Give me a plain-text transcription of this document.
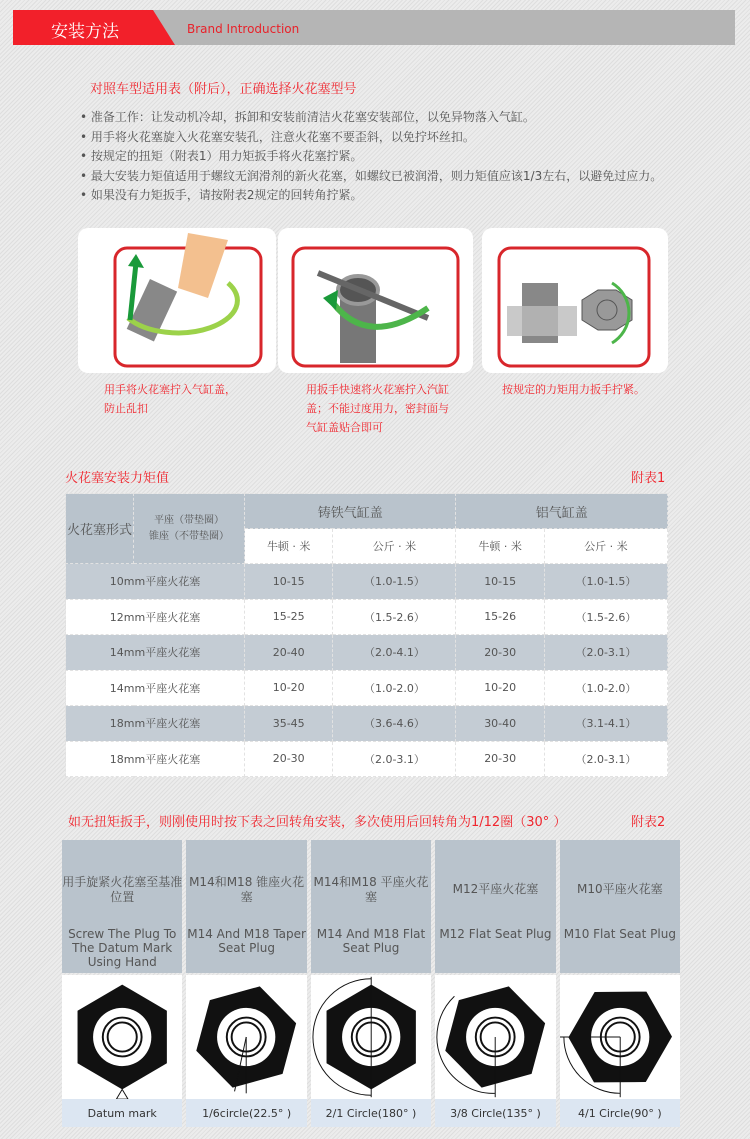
安装方法	Brand Introduction
对照车型适用表（附后），正确选择火花塞型号
• 准备工作：让发动机冷却，拆卸和安装前清洁火花塞安装部位，以免异物落入气缸。
• 用手将火花塞旋入火花塞安装孔，注意火花塞不要歪斜，以免拧坏丝扣。
• 按规定的扭矩（附表1）用力矩扳手将火花塞拧紧。
• 最大安装力矩值适用于螺纹无润滑剂的新火花塞，如螺纹已被润滑，则力矩值应该1/3左右，以避免过应力。
• 如果没有力矩扳手，请按附表2规定的回转角拧紧。
用手将火花塞拧入气缸盖，防止乱扣
用扳手快速将火花塞拧入汽缸盖；不能过度用力，密封面与气缸盖贴合即可
按规定的力矩用力扳手拧紧。
火花塞安装力矩值	附表1
火花塞形式	平座（带垫圈）
锥座（不带垫圈）	铸铁气缸盖		铝气缸盖	
		牛顿 · 米	公斤 · 米	牛顿 · 米	公斤 · 米
10mm平座火花塞		10-15	（1.0-1.5）	10-15	（1.0-1.5）
12mm平座火花塞		15-25	（1.5-2.6）	15-26	（1.5-2.6）
14mm平座火花塞		20-40	（2.0-4.1）	20-30	（2.0-3.1）
14mm平座火花塞		10-20	（1.0-2.0）	10-20	（1.0-2.0）
18mm平座火花塞		35-45	（3.6-4.6）	30-40	（3.1-4.1）
18mm平座火花塞		20-30	（2.0-3.1）	20-30	（2.0-3.1）
如无扭矩扳手，则刚使用时按下表之回转角安装，多次使用后回转角为1/12圈（30° ）	附表2
用手旋紧火花塞至基准位置
Screw The Plug To The Datum Mark Using Hand
Datum mark
M14和M18 锥座火花塞
M14 And M18 Taper Seat Plug
1/6circle(22.5° )
M14和M18 平座火花塞
M14 And M18 Flat Seat Plug
2/1 Circle(180° )
M12平座火花塞
M12 Flat Seat Plug
3/8 Circle(135° )
M10平座火花塞
M10 Flat Seat Plug
4/1 Circle(90° )
